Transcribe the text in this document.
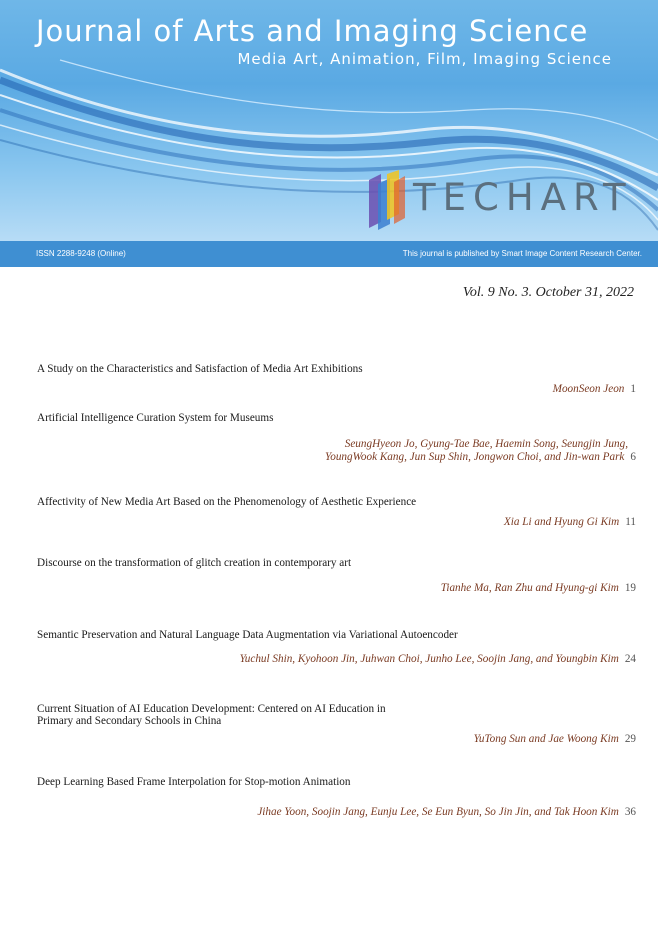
Journal of Arts and Imaging Science
Media Art, Animation, Film, Imaging Science
TECHART
ISSN 2288-9248 (Online)	This journal is published by Smart Image Content Research Center.
Vol. 9 No. 3. October 31, 2022
A Study on the Characteristics and Satisfaction of Media Art Exhibitions
MoonSeon Jeon 1
Artificial Intelligence Curation System for Museums
SeungHyeon Jo, Gyung-Tae Bae, Haemin Song, Seungjin Jung,
YoungWook Kang, Jun Sup Shin, Jongwon Choi, and Jin-wan Park 6
Affectivity of New Media Art Based on the Phenomenology of Aesthetic Experience
Xia Li and Hyung Gi Kim 11
Discourse on the transformation of glitch creation in contemporary art
Tianhe Ma, Ran Zhu and Hyung-gi Kim 19
Semantic Preservation and Natural Language Data Augmentation via Variational Autoencoder
Yuchul Shin, Kyohoon Jin, Juhwan Choi, Junho Lee, Soojin Jang, and Youngbin Kim 24
Current Situation of AI Education Development: Centered on AI Education in
Primary and Secondary Schools in China
YuTong Sun and Jae Woong Kim 29
Deep Learning Based Frame Interpolation for Stop-motion Animation
Jihae Yoon, Soojin Jang, Eunju Lee, Se Eun Byun, So Jin Jin, and Tak Hoon Kim 36
